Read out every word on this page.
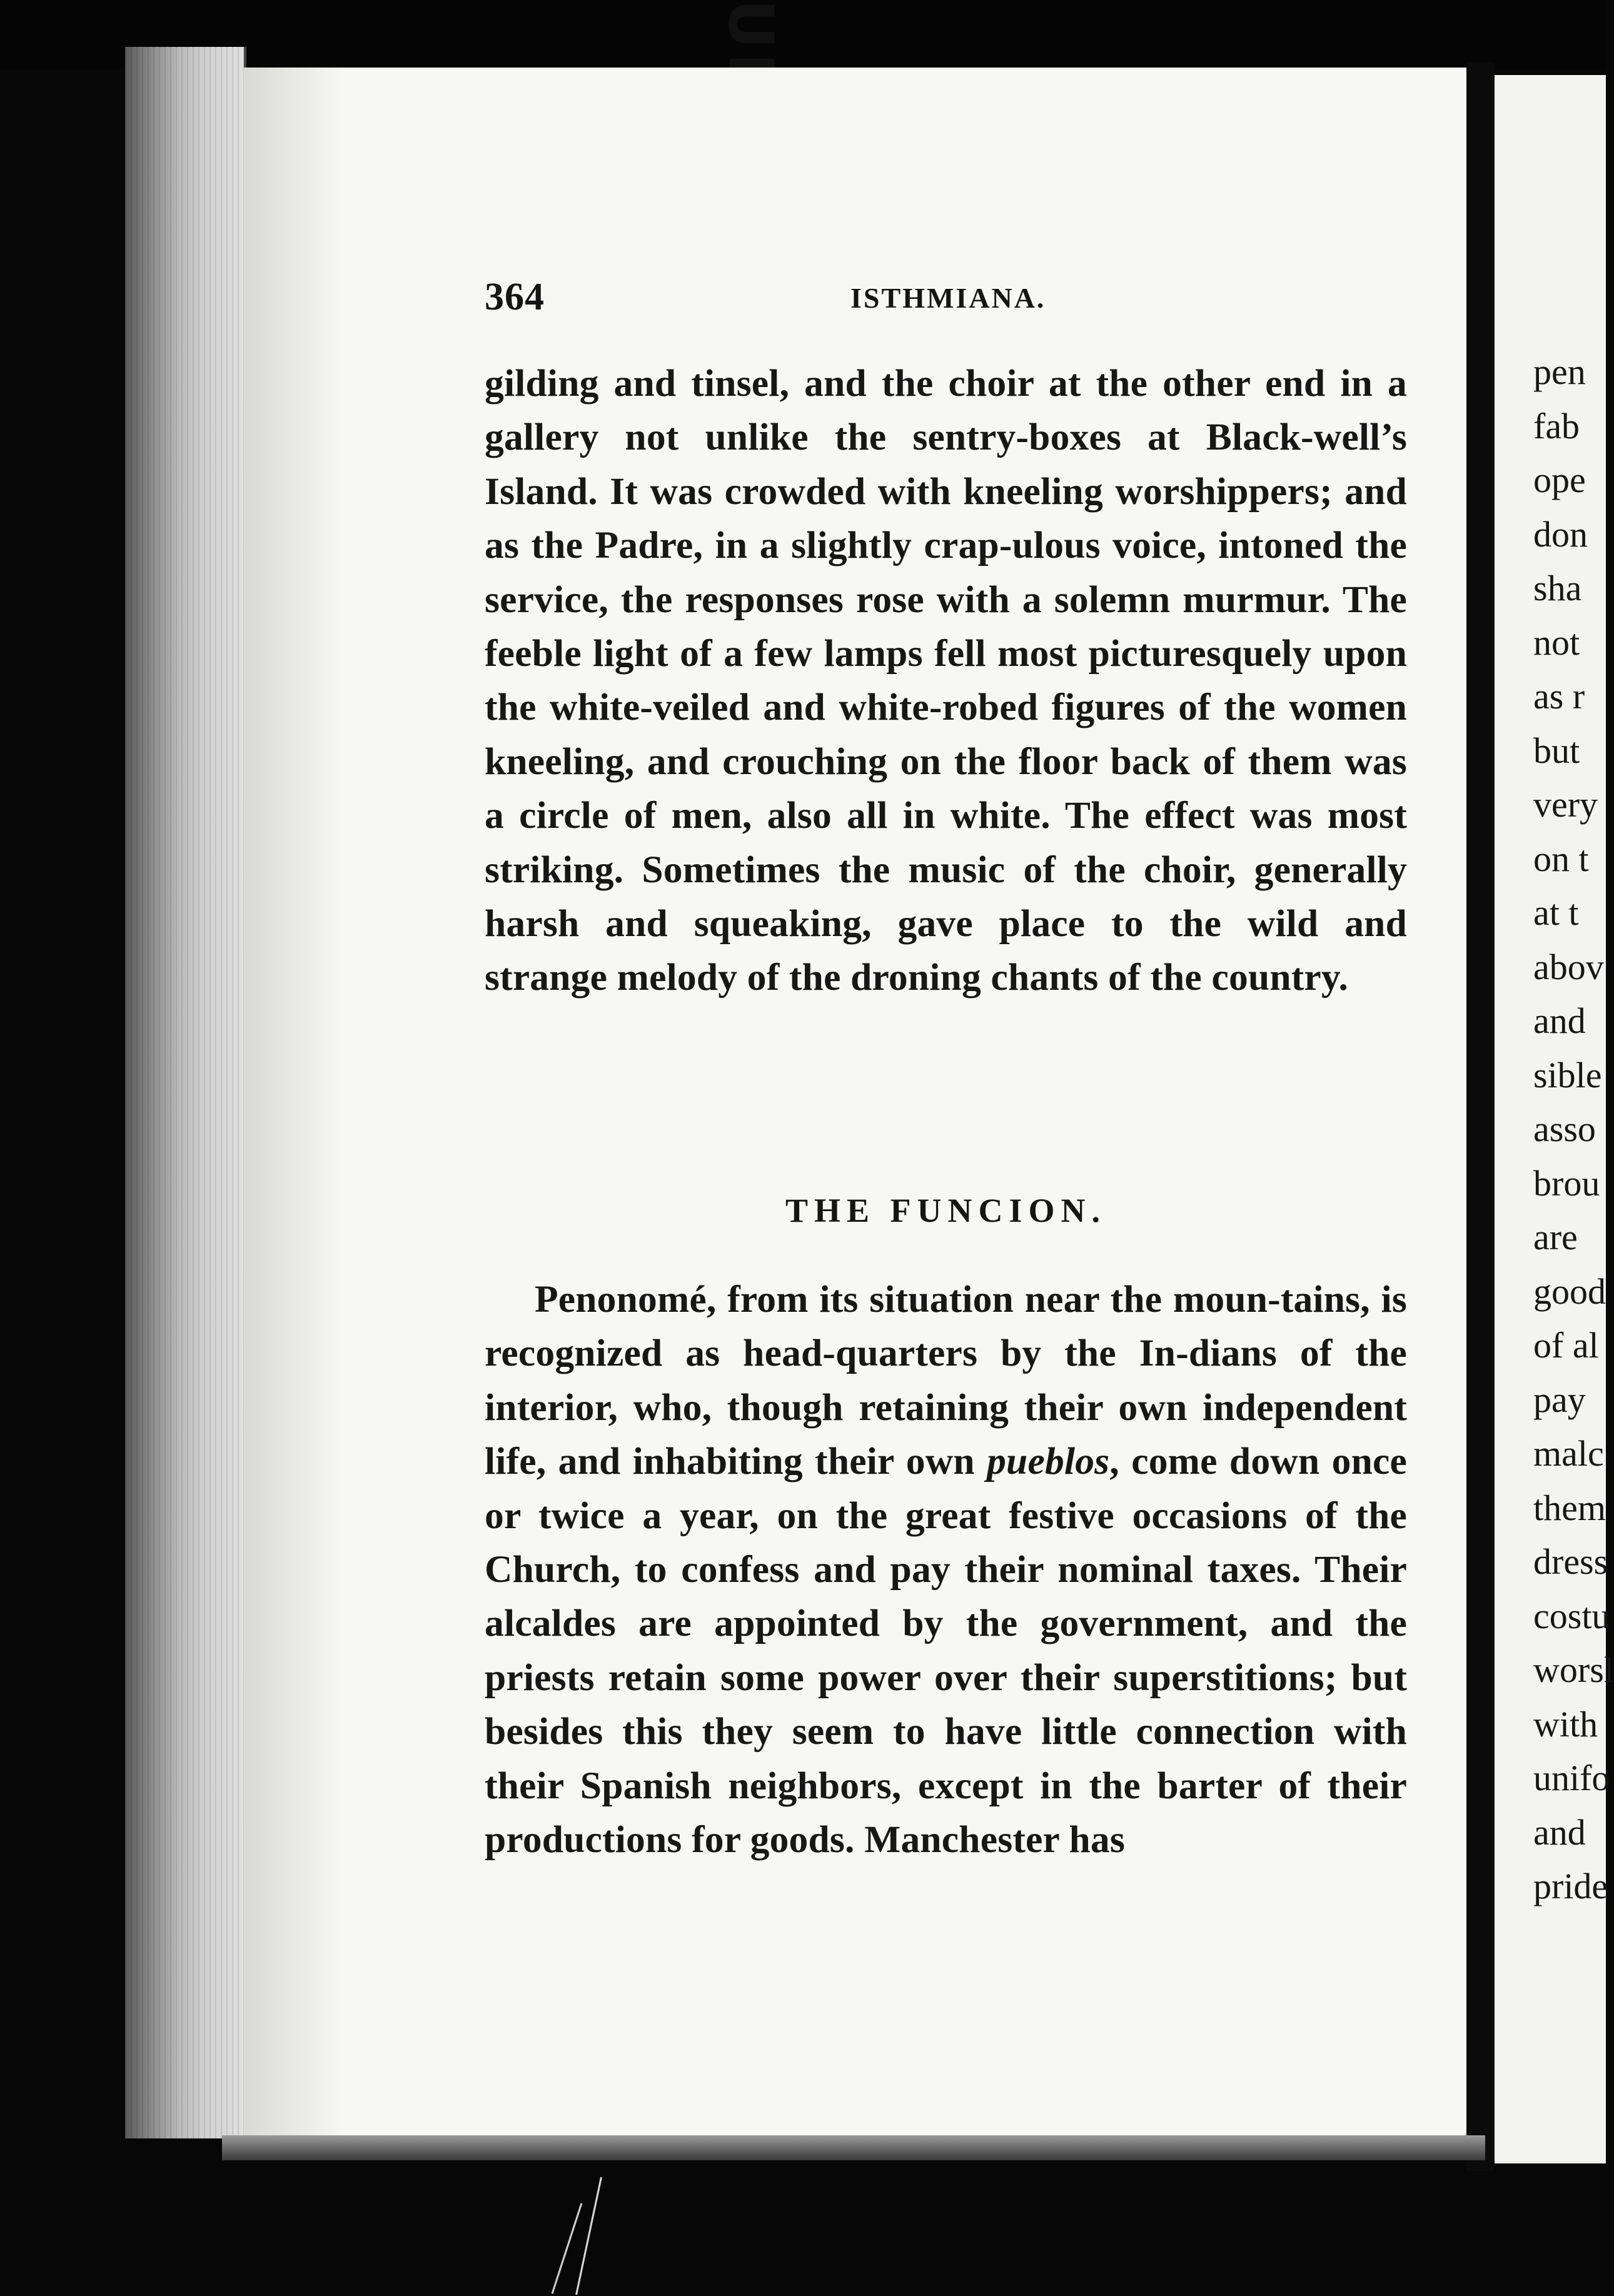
364	ISTHMIANA.

gilding and tinsel, and the choir at the other end in a gallery not unlike the sentry-boxes at Black-well’s Island. It was crowded with kneeling worshippers; and as the Padre, in a slightly crap-ulous voice, intoned the service, the responses rose with a solemn murmur. The feeble light of a few lamps fell most picturesquely upon the white-veiled and white-robed figures of the women kneeling, and crouching on the floor back of them was a circle of men, also all in white. The effect was most striking. Sometimes the music of the choir, generally harsh and squeaking, gave place to the wild and strange melody of the droning chants of the country.

THE FUNCION.

Penonomé, from its situation near the moun-tains, is recognized as head-quarters by the In-dians of the interior, who, though retaining their own independent life, and inhabiting their own pueblos, come down once or twice a year, on the great festive occasions of the Church, to confess and pay their nominal taxes. Their alcaldes are appointed by the government, and the priests retain some power over their superstitions; but besides this they seem to have little connection with their Spanish neighbors, except in the barter of their productions for goods. Manchester has

pen
fab
ope
don
sha
not
as r
but
very
on t
at t
abov
and
sible
asso
brou
are
good
of al
pay
malc
them
dress
costu
worsl
with
unifo
and
pride
